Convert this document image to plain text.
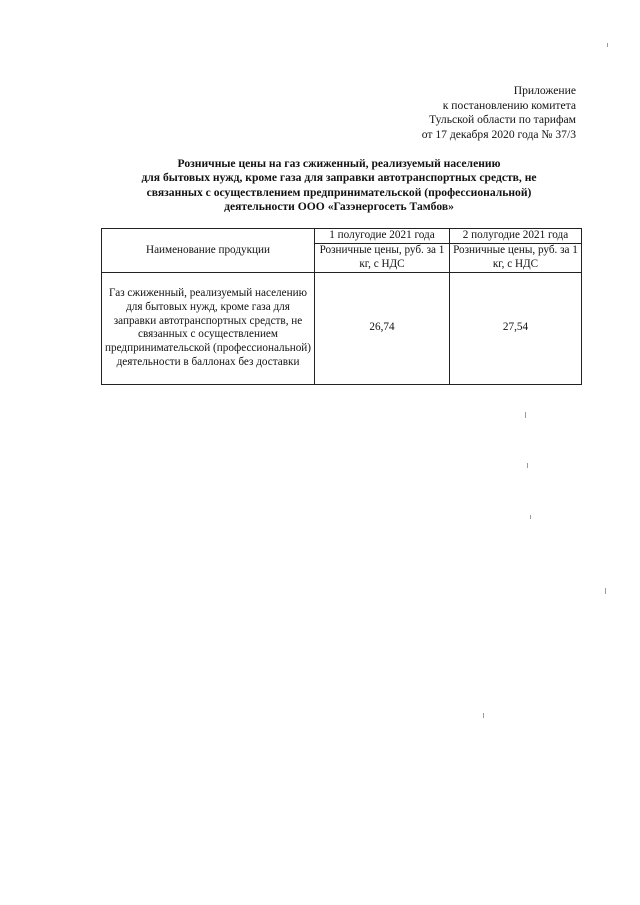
Приложение
к постановлению комитета
Тульской области по тарифам
от 17 декабря 2020 года № 37/3
Розничные цены на газ сжиженный, реализуемый населению
для бытовых нужд, кроме газа для заправки автотранспортных средств, не
связанных с осуществлением предпринимательской (профессиональной)
деятельности ООО «Газэнергосеть Тамбов»
Наименование продукции	1 полугодие 2021 года	2 полугодие 2021 года
	Розничные цены, руб. за 1 кг, с НДС	Розничные цены, руб. за 1 кг, с НДС

Газ сжиженный, реализуемый населению для бытовых нужд, кроме газа для заправки автотранспортных средств, не связанных с осуществлением предпринимательской (профессиональной) деятельности в баллонах без доставки	26,74	27,54
